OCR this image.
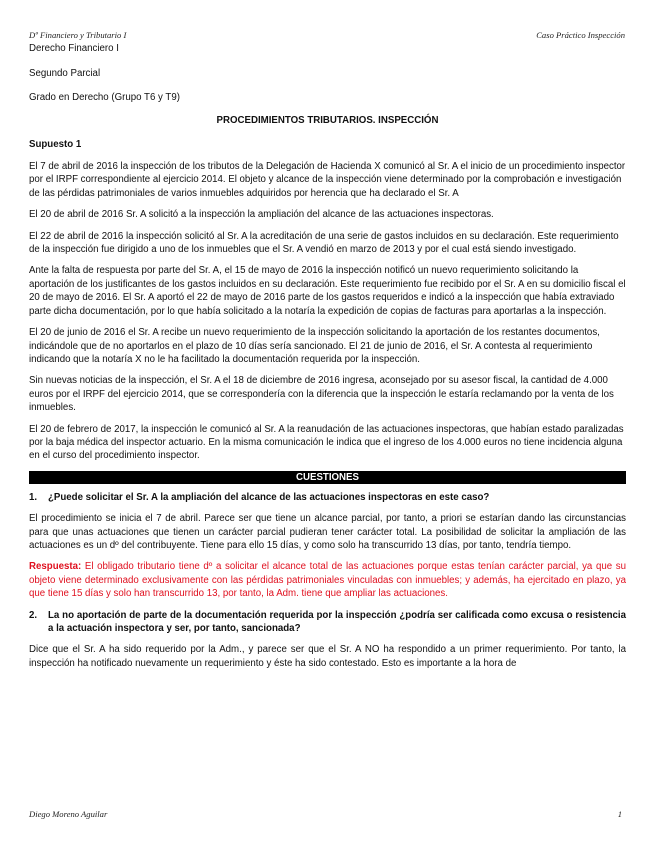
Dº Financiero y Tributario I	Caso Práctico Inspección

Derecho Financiero I

Segundo Parcial

Grado en Derecho (Grupo T6 y T9)

PROCEDIMIENTOS TRIBUTARIOS. INSPECCIÓN

Supuesto 1

El 7 de abril de 2016 la inspección de los tributos de la Delegación de Hacienda X comunicó al Sr. A el inicio de un procedimiento inspector por el IRPF correspondiente al ejercicio 2014. El objeto y alcance de la inspección viene determinado por la comprobación e investigación de las pérdidas patrimoniales de varios inmuebles adquiridos por herencia que ha declarado el Sr. A

El 20 de abril de 2016 Sr. A solicitó a la inspección la ampliación del alcance de las actuaciones inspectoras.

El 22 de abril de 2016 la inspección solicitó al Sr. A la acreditación de una serie de gastos incluidos en su declaración. Este requerimiento de la inspección fue dirigido a uno de los inmuebles que el Sr. A vendió en marzo de 2013 y por el cual está siendo investigado.

Ante la falta de respuesta por parte del Sr. A, el 15 de mayo de 2016 la inspección notificó un nuevo requerimiento solicitando la aportación de los justificantes de los gastos incluidos en su declaración. Este requerimiento fue recibido por el Sr. A en su domicilio fiscal el 20 de mayo de 2016. El Sr. A aportó el 22 de mayo de 2016 parte de los gastos requeridos e indicó a la inspección que había extraviado parte dicha documentación, por lo que había solicitado a la notaría la expedición de copias de facturas para aportarlas a la inspección.

El 20 de junio de 2016 el Sr. A recibe un nuevo requerimiento de la inspección solicitando la aportación de los restantes documentos, indicándole que de no aportarlos en el plazo de 10 días sería sancionado. El 21 de junio de 2016, el Sr. A contesta al requerimiento indicando que la notaría X no le ha facilitado la documentación requerida por la inspección.

Sin nuevas noticias de la inspección, el Sr. A el 18 de diciembre de 2016 ingresa, aconsejado por su asesor fiscal, la cantidad de 4.000 euros por el IRPF del ejercicio 2014, que se correspondería con la diferencia que la inspección le estaría reclamando por la venta de los inmuebles.

El 20 de febrero de 2017, la inspección le comunicó al Sr. A la reanudación de las actuaciones inspectoras, que habían estado paralizadas por la baja médica del inspector actuario. En la misma comunicación le indica que el ingreso de los 4.000 euros no tiene incidencia alguna en el curso del procedimiento inspector.

CUESTIONES

1.	¿Puede solicitar el Sr. A la ampliación del alcance de las actuaciones inspectoras en este caso?

El procedimiento se inicia el 7 de abril. Parece ser que tiene un alcance parcial, por tanto, a priori se estarían dando las circunstancias para que unas actuaciones que tienen un carácter parcial pudieran tener carácter total. La posibilidad de solicitar la ampliación de las actuaciones es un dº del contribuyente. Tiene para ello 15 días, y como solo ha transcurrido 13 días, por tanto, tendría tiempo.

Respuesta: El obligado tributario tiene dº a solicitar el alcance total de las actuaciones porque estas tenían carácter parcial, ya que su objeto viene determinado exclusivamente con las pérdidas patrimoniales vinculadas con inmuebles; y además, ha ejercitado en plazo, ya que tiene 15 días y solo han transcurrido 13, por tanto, la Adm. tiene que ampliar las actuaciones.

2.	La no aportación de parte de la documentación requerida por la inspección ¿podría ser calificada como excusa o resistencia a la actuación inspectora y ser, por tanto, sancionada?

Dice que el Sr. A ha sido requerido por la Adm., y parece ser que el Sr. A NO ha respondido a un primer requerimiento. Por tanto, la inspección ha notificado nuevamente un requerimiento y éste ha sido contestado. Esto es importante a la hora de

Diego Moreno Aguilar	1
